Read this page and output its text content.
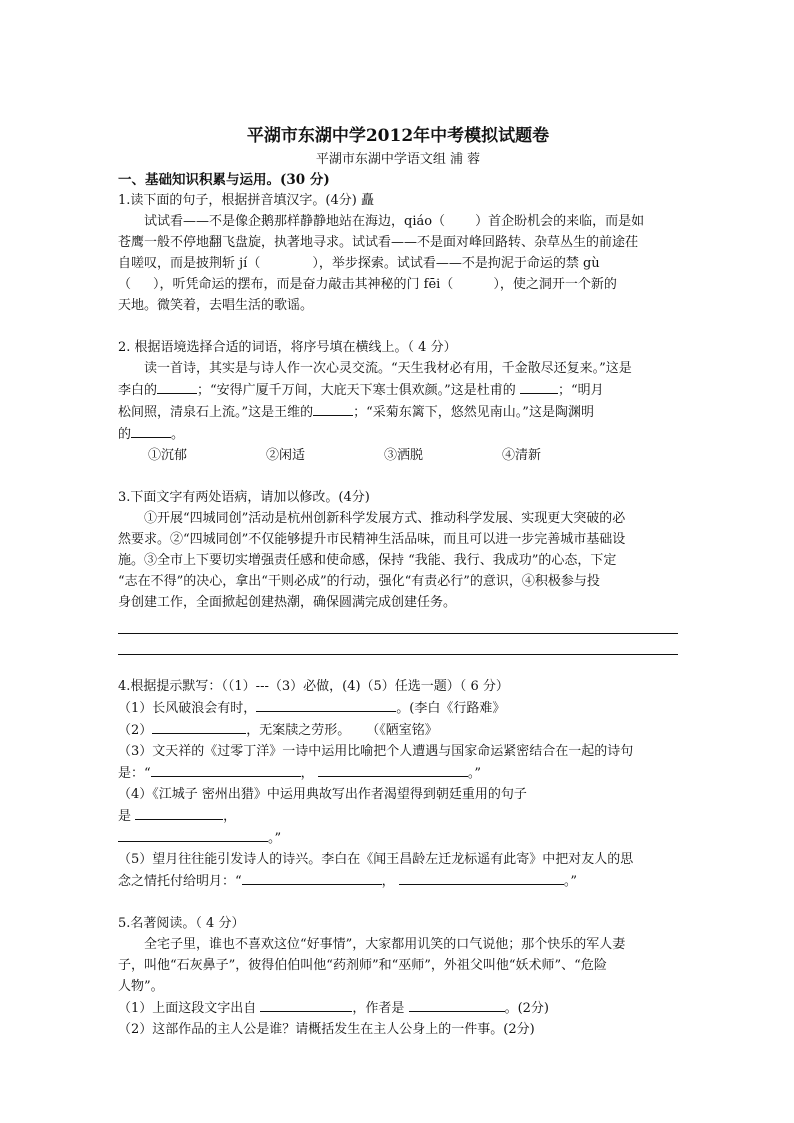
平湖市东湖中学2012年中考模拟试题卷
平湖市东湖中学语文组 浦 蓉
一、基础知识积累与运用。(30 分)

1.读下面的句子，根据拼音填汉字。(4分) 矗

试试看——不是像企鹅那样静静地站在海边，qiáo（ ）首企盼机会的来临，而是如

苍鹰一般不停地翻飞盘旋，执著地寻求。试试看——不是面对峰回路转、杂草丛生的前途茌

自嗟叹，而是披荆斩 jí（	），举步探索。试试看——不是拘泥于命运的禁 gù

（ ），听凭命运的摆布，而是奋力敲击其神秘的门 fēi（	），使之洞开一个新的

天地。微笑着，去唱生活的歌谣。

2. 根据语境选择合适的词语，将序号填在横线上。（ 4 分）

读一首诗，其实是与诗人作一次心灵交流。“天生我材必有用，千金散尽还复来。”这是

李白的	；“安得广厦千万间，大庇天下寒士俱欢颜。”这是杜甫的	；“明月

松间照，清泉石上流。”这是王维的	；“采菊东篱下，悠然见南山。”这是陶渊明

的	。

①沉郁	②闲适	③洒脱	④清新

3.下面文字有两处语病，请加以修改。(4分)

①开展“四城同创”活动是杭州创新科学发展方式、推动科学发展、实现更大突破的必

然要求。②“四城同创”不仅能够提升市民精神生活品味，而且可以进一步完善城市基础设

施。③全市上下要切实增强责任感和使命感，保持 “我能、我行、我成功”的心态，下定

“志在不得”的决心，拿出“干则必成”的行动，强化“有责必行”的意识，④积极参与投

身创建工作，全面掀起创建热潮，确保圆满完成创建任务。

4.根据提示默写：（（1）---（3）必做，(4)（5）任选一题）（ 6 分）

（1）长风破浪会有时，	。(李白《行路难》

（2）	，无案牍之劳形。 （《陋室铭》

（3）文天祥的《过零丁洋》一诗中运用比喻把个人遭遇与国家命运紧密结合在一起的诗句

是：“	，	。”

（4）《江城子 密州出猎》中运用典故写出作者渴望得到朝廷重用的句子

是	，

。”

（5）望月往往能引发诗人的诗兴。李白在《闻王昌龄左迁龙标遥有此寄》中把对友人的思

念之情托付给明月：“	，	。”

5.名著阅读。（ 4 分）

全宅子里，谁也不喜欢这位“好事情”，大家都用讥笑的口气说他；那个快乐的军人妻

子，叫他“石灰鼻子”，彼得伯伯叫他“药剂师”和“巫师”，外祖父叫他“妖术师”、“危险

人物”。

（1）上面这段文字出自	，作者是	。(2分)

（2）这部作品的主人公是谁？请概括发生在主人公身上的一件事。(2分)
